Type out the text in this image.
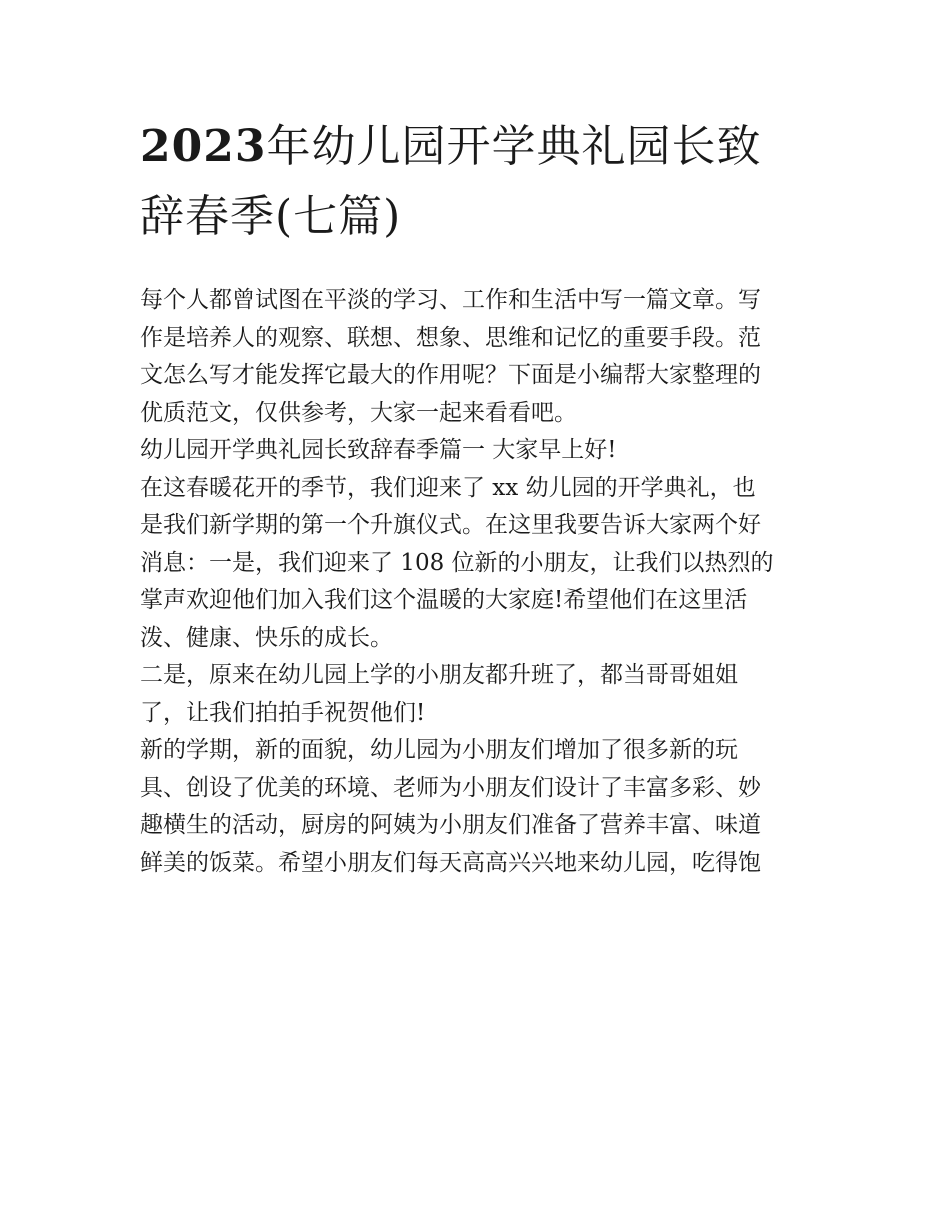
2023年幼儿园开学典礼园长致
辞春季(七篇)
每个人都曾试图在平淡的学习、工作和生活中写一篇文章。写
作是培养人的观察、联想、想象、思维和记忆的重要手段。范
文怎么写才能发挥它最大的作用呢？下面是小编帮大家整理的
优质范文，仅供参考，大家一起来看看吧。
幼儿园开学典礼园长致辞春季篇一 大家早上好!
在这春暖花开的季节，我们迎来了 xx 幼儿园的开学典礼，也
是我们新学期的第一个升旗仪式。在这里我要告诉大家两个好
消息：一是，我们迎来了 108 位新的小朋友，让我们以热烈的
掌声欢迎他们加入我们这个温暖的大家庭!希望他们在这里活
泼、健康、快乐的成长。
二是，原来在幼儿园上学的小朋友都升班了，都当哥哥姐姐
了，让我们拍拍手祝贺他们!
新的学期，新的面貌，幼儿园为小朋友们增加了很多新的玩
具、创设了优美的环境、老师为小朋友们设计了丰富多彩、妙
趣横生的活动，厨房的阿姨为小朋友们准备了营养丰富、味道
鲜美的饭菜。希望小朋友们每天高高兴兴地来幼儿园，吃得饱
